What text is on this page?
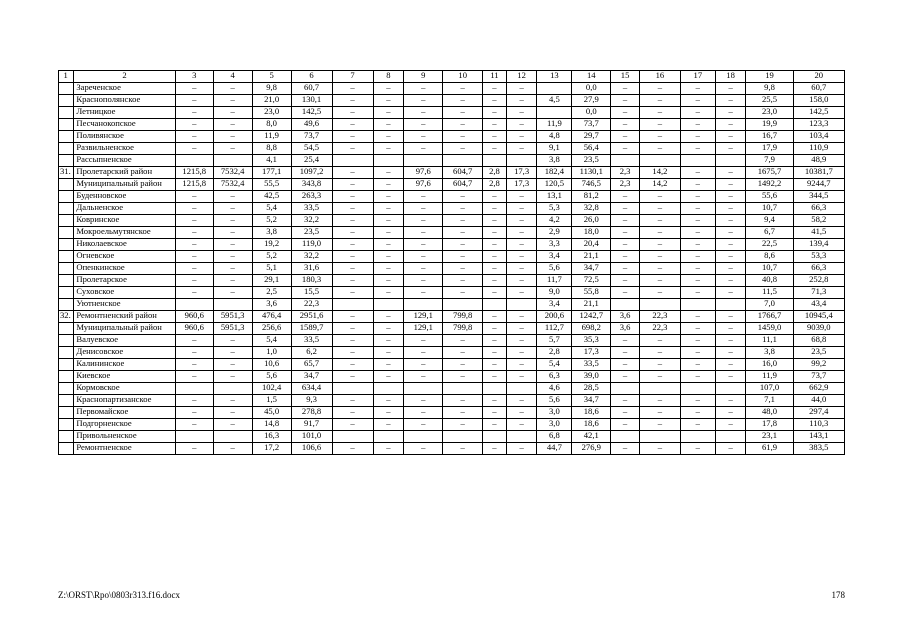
1	2	3	4	5	6	7	8	9	10	11	12	13	14	15	16	17	18	19	20
	Зареченское	–	–	9,8	60,7	–	–	–	–	–	–		0,0	–	–	–	–	9,8	60,7
	Краснополянское	–	–	21,0	130,1	–	–	–	–	–	–	4,5	27,9	–	–	–	–	25,5	158,0
	Летницкое	–	–	23,0	142,5	–	–	–	–	–	–		0,0	–	–	–	–	23,0	142,5
	Песчанокопское	–	–	8,0	49,6	–	–	–	–	–	–	11,9	73,7	–	–	–	–	19,9	123,3
	Поливянское	–	–	11,9	73,7	–	–	–	–	–	–	4,8	29,7	–	–	–	–	16,7	103,4
	Развильненское	–	–	8,8	54,5	–	–	–	–	–	–	9,1	56,4	–	–	–	–	17,9	110,9
	Рассыпненское			4,1	25,4							3,8	23,5					7,9	48,9
31.	Пролетарский район	1215,8	7532,4	177,1	1097,2	–	–	97,6	604,7	2,8	17,3	182,4	1130,1	2,3	14,2	–	–	1675,7	10381,7
	Муниципальный район	1215,8	7532,4	55,5	343,8	–	–	97,6	604,7	2,8	17,3	120,5	746,5	2,3	14,2	–	–	1492,2	9244,7
	Буденновское	–	–	42,5	263,3	–	–	–	–	–	–	13,1	81,2	–	–	–	–	55,6	344,5
	Дальненское	–	–	5,4	33,5	–	–	–	–	–	–	5,3	32,8	–	–	–	–	10,7	66,3
	Ковринское	–	–	5,2	32,2	–	–	–	–	–	–	4,2	26,0	–	–	–	–	9,4	58,2
	Мокроельмутянское	–	–	3,8	23,5	–	–	–	–	–	–	2,9	18,0	–	–	–	–	6,7	41,5
	Николаевское	–	–	19,2	119,0	–	–	–	–	–	–	3,3	20,4	–	–	–	–	22,5	139,4
	Огневское	–	–	5,2	32,2	–	–	–	–	–	–	3,4	21,1	–	–	–	–	8,6	53,3
	Опенкинское	–	–	5,1	31,6	–	–	–	–	–	–	5,6	34,7	–	–	–	–	10,7	66,3
	Пролетарское	–	–	29,1	180,3	–	–	–	–	–	–	11,7	72,5	–	–	–	–	40,8	252,8
	Суховское	–	–	2,5	15,5	–	–	–	–	–	–	9,0	55,8	–	–	–	–	11,5	71,3
	Уютненское			3,6	22,3							3,4	21,1					7,0	43,4
32.	Ремонтненский район	960,6	5951,3	476,4	2951,6	–	–	129,1	799,8	–	–	200,6	1242,7	3,6	22,3	–	–	1766,7	10945,4
	Муниципальный район	960,6	5951,3	256,6	1589,7	–	–	129,1	799,8	–	–	112,7	698,2	3,6	22,3	–	–	1459,0	9039,0
	Валуевское	–	–	5,4	33,5	–	–	–	–	–	–	5,7	35,3	–	–	–	–	11,1	68,8
	Денисовское	–	–	1,0	6,2	–	–	–	–	–	–	2,8	17,3	–	–	–	–	3,8	23,5
	Калининское	–	–	10,6	65,7	–	–	–	–	–	–	5,4	33,5	–	–	–	–	16,0	99,2
	Киевское	–	–	5,6	34,7	–	–	–	–	–	–	6,3	39,0	–	–	–	–	11,9	73,7
	Кормовское			102,4	634,4							4,6	28,5					107,0	662,9
	Краснопартизанское	–	–	1,5	9,3	–	–	–	–	–	–	5,6	34,7	–	–	–	–	7,1	44,0
	Первомайское	–	–	45,0	278,8	–	–	–	–	–	–	3,0	18,6	–	–	–	–	48,0	297,4
	Подгорненское	–	–	14,8	91,7	–	–	–	–	–	–	3,0	18,6	–	–	–	–	17,8	110,3
	Привольненское			16,3	101,0							6,8	42,1					23,1	143,1
	Ремонтненское	–	–	17,2	106,6	–	–	–	–	–	–	44,7	276,9	–	–	–	–	61,9	383,5
Z:\ORST\Rpo\0803r313.f16.docx	178
